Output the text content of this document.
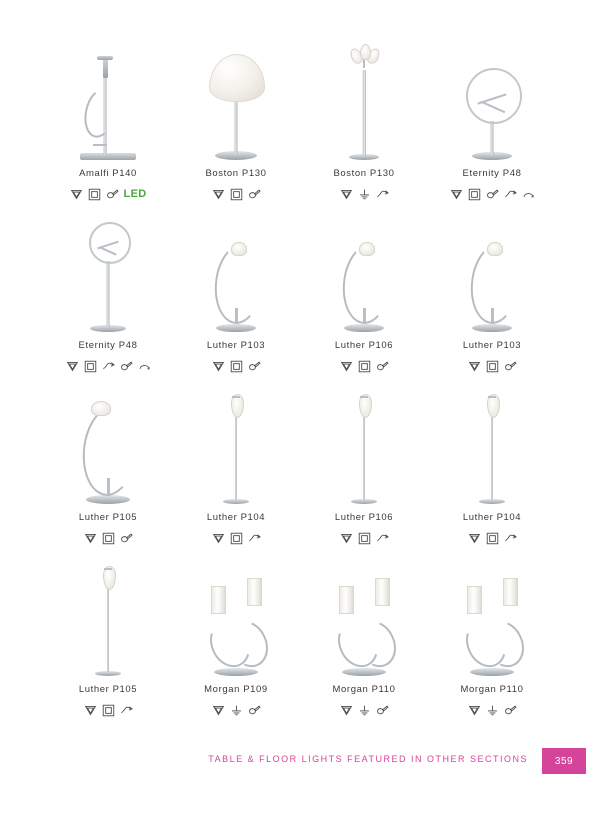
Amalfi P140
LED
Boston P130	Boston P130	Eternity P48
Eternity P48	Luther P103	Luther P106	Luther P103
Luther P105	Luther P104	Luther P106	Luther P104
Luther P105	Morgan P109	Morgan P110	Morgan P110
TABLE & FLOOR LIGHTS FEATURED IN OTHER SECTIONS	359
